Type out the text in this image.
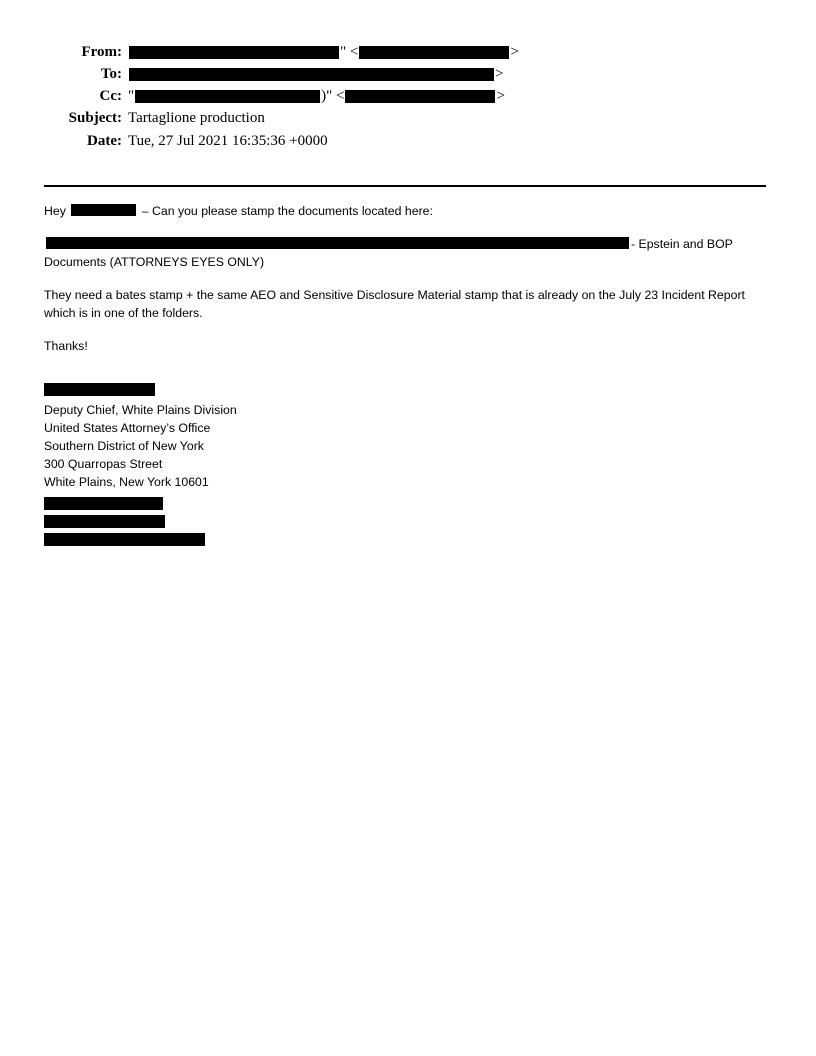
From:	" <	>
To:	>
Cc: "	)" <	>
Subject: Tartaglione production
Date: Tue, 27 Jul 2021 16:35:36 +0000

Hey	– Can you please stamp the documents located here:

- Epstein and BOP
Documents (ATTORNEYS EYES ONLY)

They need a bates stamp + the same AEO and Sensitive Disclosure Material stamp that is already on the July 23 Incident Report which is in one of the folders.

Thanks!

Deputy Chief, White Plains Division
United States Attorney’s Office
Southern District of New York
300 Quarropas Street
White Plains, New York 10601
